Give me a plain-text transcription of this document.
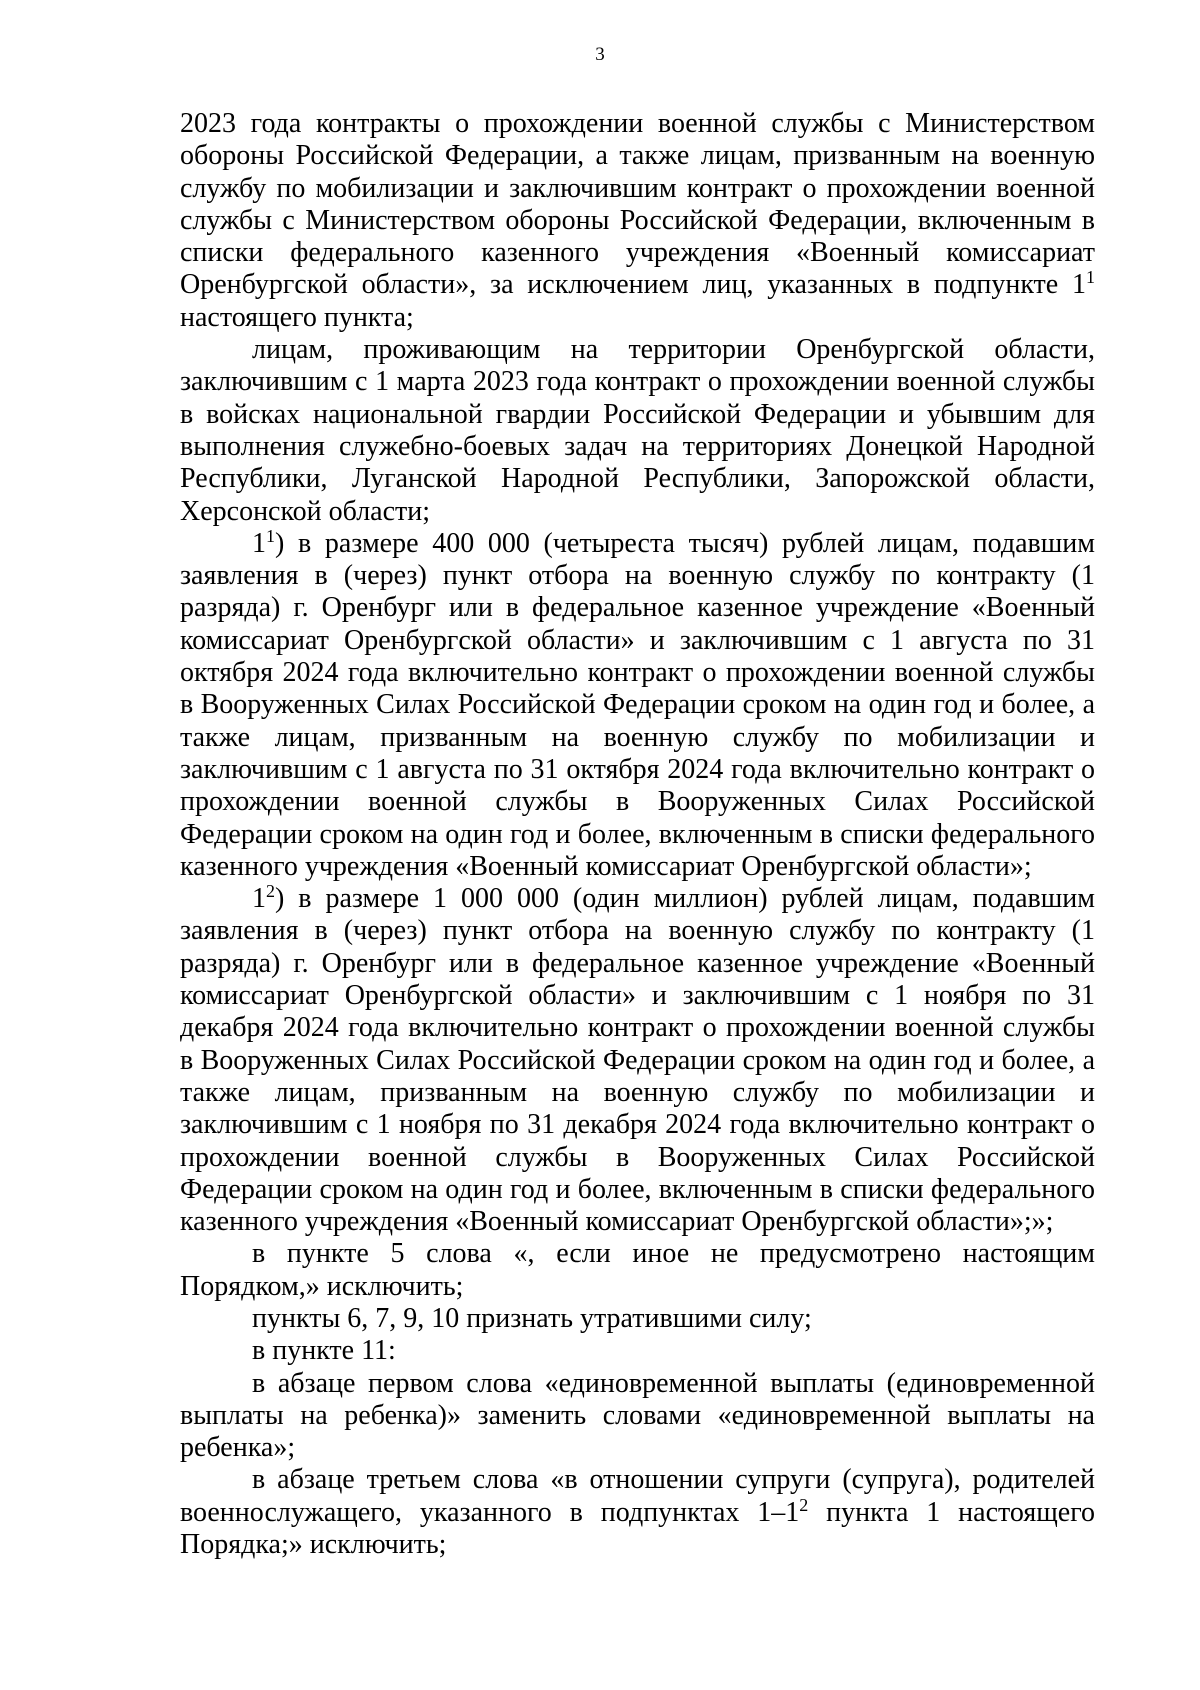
3

2023 года контракты о прохождении военной службы с Министерством обороны Российской Федерации, а также лицам, призванным на военную службу по мобилизации и заключившим контракт о прохождении военной службы с Министерством обороны Российской Федерации, включенным в списки федерального казенного учреждения «Военный комиссариат Оренбургской области», за исключением лиц, указанных в подпункте $1^1$ настоящего пункта;

лицам, проживающим на территории Оренбургской области, заключившим с 1 марта 2023 года контракт о прохождении военной службы в войсках национальной гвардии Российской Федерации и убывшим для выполнения служебно-боевых задач на территориях Донецкой Народной Республики, Луганской Народной Республики, Запорожской области, Херсонской области;

$1^1$) в размере 400 000 (четыреста тысяч) рублей лицам, подавшим заявления в (через) пункт отбора на военную службу по контракту (1 разряда) г. Оренбург или в федеральное казенное учреждение «Военный комиссариат Оренбургской области» и заключившим с 1 августа по 31 октября 2024 года включительно контракт о прохождении военной службы в Вооруженных Силах Российской Федерации сроком на один год и более, а также лицам, призванным на военную службу по мобилизации и заключившим с 1 августа по 31 октября 2024 года включительно контракт о прохождении военной службы в Вооруженных Силах Российской Федерации сроком на один год и более, включенным в списки федерального казенного учреждения «Военный комиссариат Оренбургской области»;

$1^2$) в размере 1 000 000 (один миллион) рублей лицам, подавшим заявления в (через) пункт отбора на военную службу по контракту (1 разряда) г. Оренбург или в федеральное казенное учреждение «Военный комиссариат Оренбургской области» и заключившим с 1 ноября по 31 декабря 2024 года включительно контракт о прохождении военной службы в Вооруженных Силах Российской Федерации сроком на один год и более, а также лицам, призванным на военную службу по мобилизации и заключившим с 1 ноября по 31 декабря 2024 года включительно контракт о прохождении военной службы в Вооруженных Силах Российской Федерации сроком на один год и более, включенным в списки федерального казенного учреждения «Военный комиссариат Оренбургской области»;»;

в пункте 5 слова «, если иное не предусмотрено настоящим Порядком,» исключить;

пункты 6, 7, 9, 10 признать утратившими силу;

в пункте 11:

в абзаце первом слова «единовременной выплаты (единовременной выплаты на ребенка)» заменить словами «единовременной выплаты на ребенка»;

в абзаце третьем слова «в отношении супруги (супруга), родителей военнослужащего, указанного в подпунктах $1-1^2$ пункта 1 настоящего Порядка;» исключить;
